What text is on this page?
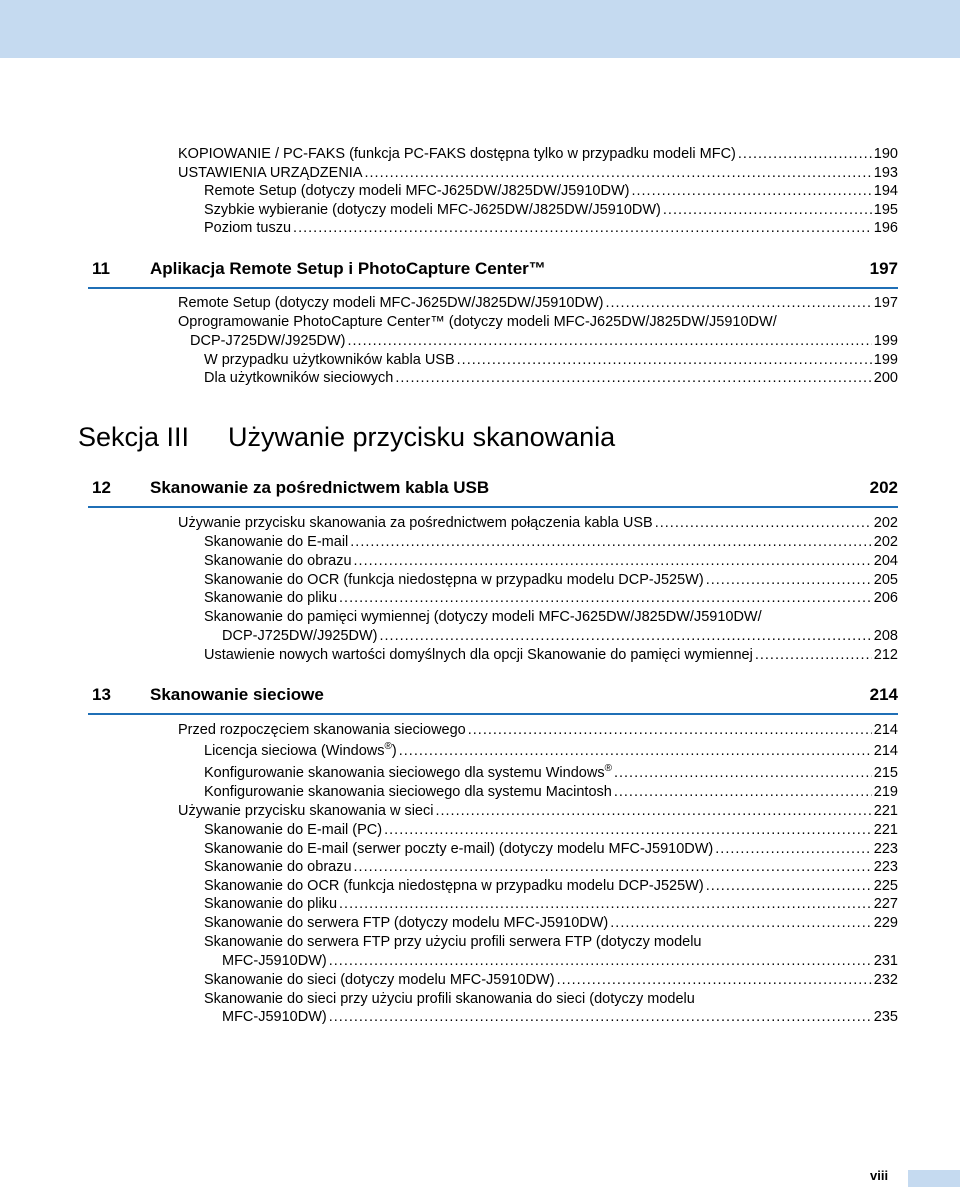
KOPIOWANIE / PC-FAKS (funkcja PC-FAKS dostępna tylko w przypadku modeli MFC) .....	190
USTAWIENIA URZĄDZENIA .....	193
Remote Setup (dotyczy modeli MFC-J625DW/J825DW/J5910DW) .....	194
Szybkie wybieranie (dotyczy modeli MFC-J625DW/J825DW/J5910DW) .....	195
Poziom tuszu .....	196
11 Aplikacja Remote Setup i PhotoCapture Center™	197
Remote Setup (dotyczy modeli MFC-J625DW/J825DW/J5910DW) .....	197
Oprogramowanie PhotoCapture Center™ (dotyczy modeli MFC-J625DW/J825DW/J5910DW/
DCP-J725DW/J925DW) .....	199
W przypadku użytkowników kabla USB .....	199
Dla użytkowników sieciowych .....	200
Sekcja III Używanie przycisku skanowania
12 Skanowanie za pośrednictwem kabla USB	202
Używanie przycisku skanowania za pośrednictwem połączenia kabla USB .....	202
Skanowanie do E-mail .....	202
Skanowanie do obrazu .....	204
Skanowanie do OCR (funkcja niedostępna w przypadku modelu DCP-J525W) .....	205
Skanowanie do pliku .....	206
Skanowanie do pamięci wymiennej (dotyczy modeli MFC-J625DW/J825DW/J5910DW/
DCP-J725DW/J925DW) .....	208
Ustawienie nowych wartości domyślnych dla opcji Skanowanie do pamięci wymiennej .....	212
13 Skanowanie sieciowe	214
Przed rozpoczęciem skanowania sieciowego .....	214
Licencja sieciowa (Windows®) .....	214
Konfigurowanie skanowania sieciowego dla systemu Windows® .....	215
Konfigurowanie skanowania sieciowego dla systemu Macintosh .....	219
Używanie przycisku skanowania w sieci .....	221
Skanowanie do E-mail (PC) .....	221
Skanowanie do E-mail (serwer poczty e-mail) (dotyczy modelu MFC-J5910DW) .....	223
Skanowanie do obrazu .....	223
Skanowanie do OCR (funkcja niedostępna w przypadku modelu DCP-J525W) .....	225
Skanowanie do pliku .....	227
Skanowanie do serwera FTP (dotyczy modelu MFC-J5910DW) .....	229
Skanowanie do serwera FTP przy użyciu profili serwera FTP (dotyczy modelu
MFC-J5910DW) .....	231
Skanowanie do sieci (dotyczy modelu MFC-J5910DW) .....	232
Skanowanie do sieci przy użyciu profili skanowania do sieci (dotyczy modelu
MFC-J5910DW) .....	235
viii
